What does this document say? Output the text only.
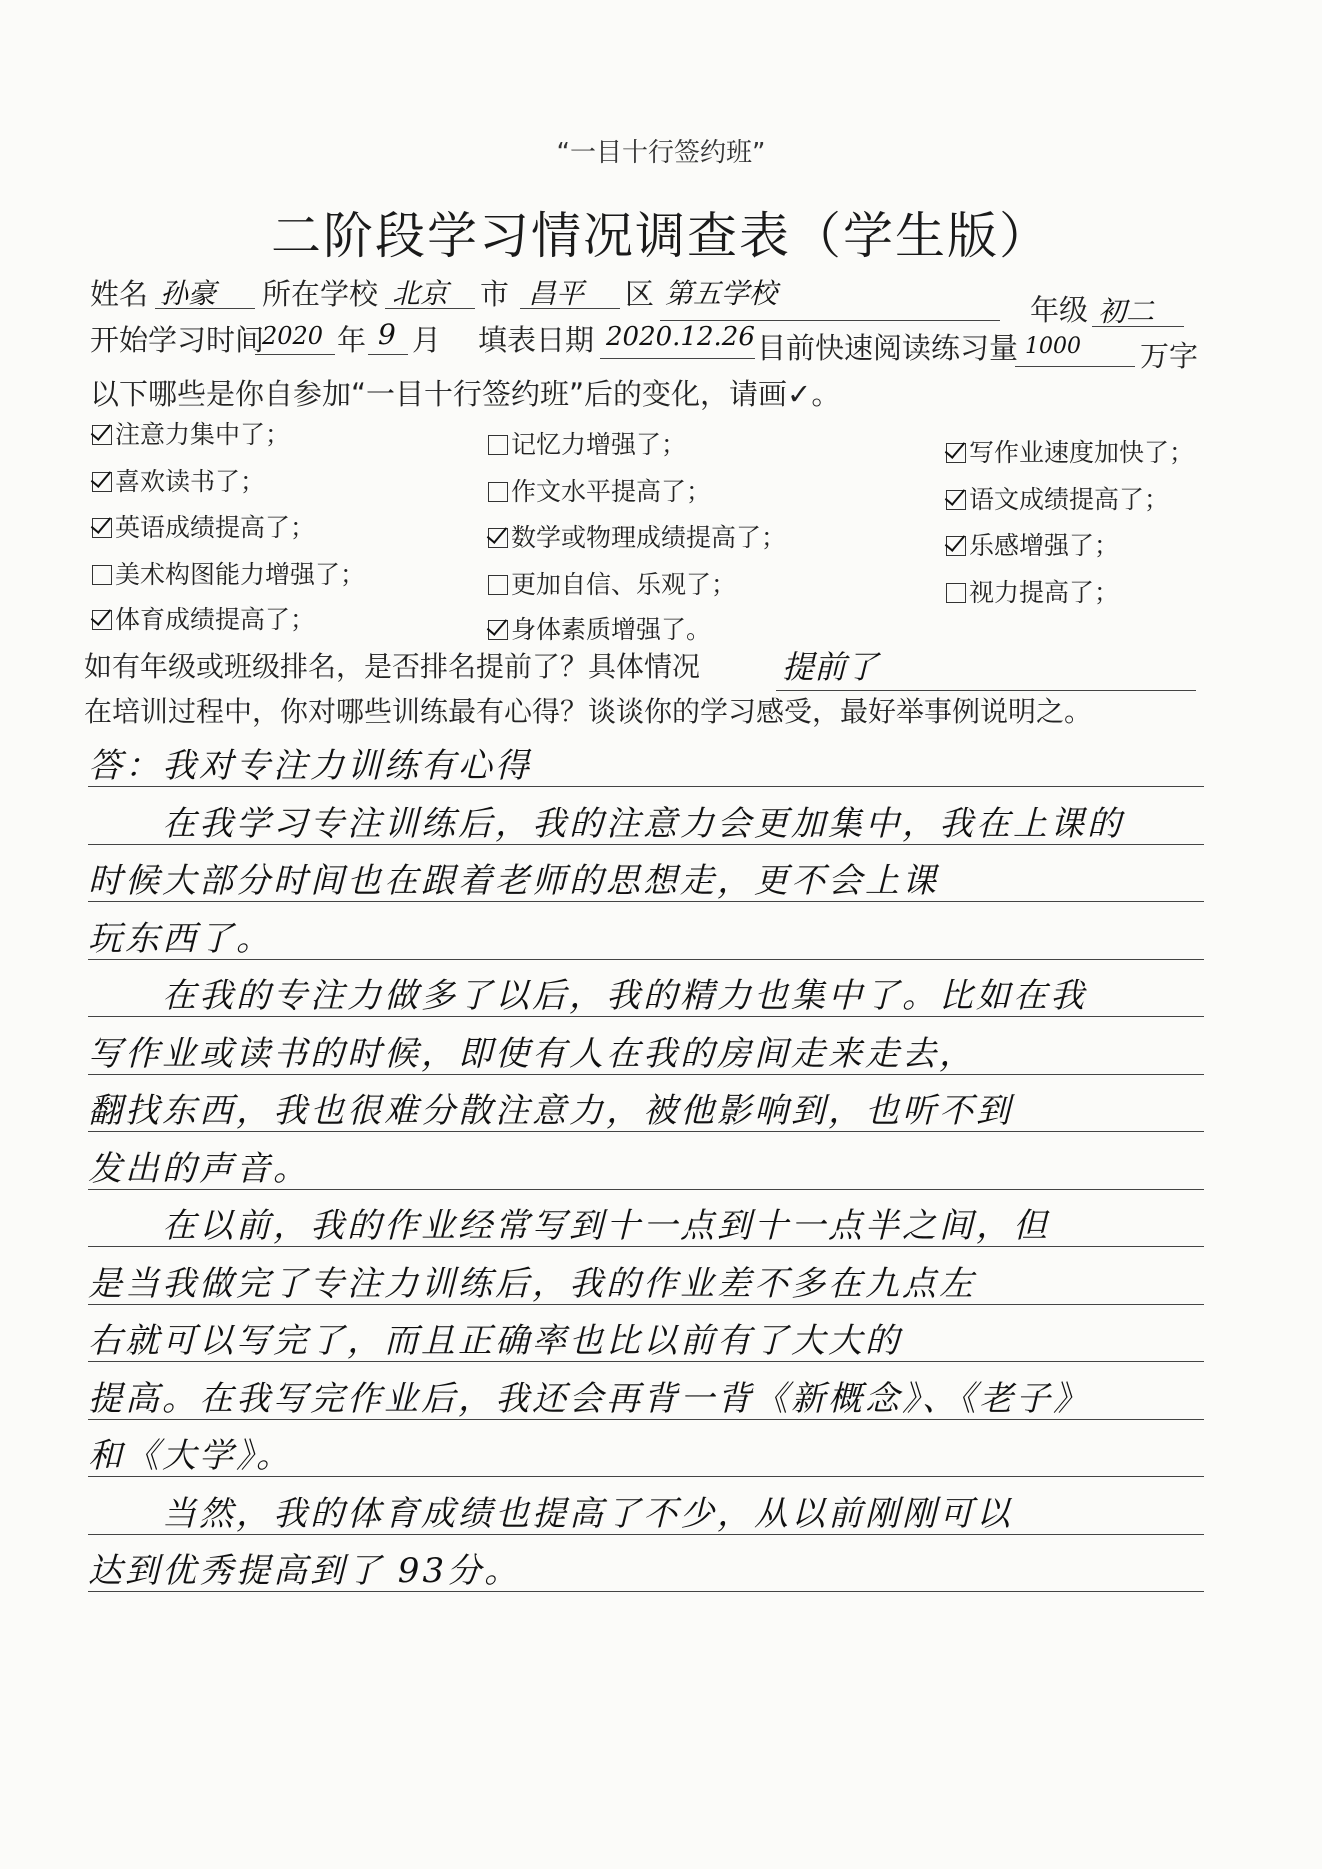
“一目十行签约班”
二阶段学习情况调查表（学生版）
姓名 孙豪 所在学校 北京 市 昌平 区 第五学校	年级 初二
开始学习时间
2020 年 9 月 填表日期 2020.12.26 目前快速阅读练习量 1000 万字
以下哪些是你自参加“一目十行签约班”后的变化，请画✓。
注意力集中了；	记忆力增强了；	写作业速度加快了；
喜欢读书了；	作文水平提高了；	语文成绩提高了；
英语成绩提高了；	数学或物理成绩提高了；	乐感增强了；
美术构图能力增强了；	更加自信、乐观了；	视力提高了；
体育成绩提高了；	身体素质增强了。
如有年级或班级排名，是否排名提前了？具体情况	提前了
在培训过程中，你对哪些训练最有心得？谈谈你的学习感受，最好举事例说明之。
答：我对专注力训练有心得
　　在我学习专注训练后，我的注意力会更加集中，我在上课的
时候大部分时间也在跟着老师的思想走，更不会上课
玩东西了。
　　在我的专注力做多了以后，我的精力也集中了。比如在我
写作业或读书的时候，即使有人在我的房间走来走去，
翻找东西，我也很难分散注意力，被他影响到，也听不到
发出的声音。
　　在以前，我的作业经常写到十一点到十一点半之间，但
是当我做完了专注力训练后，我的作业差不多在九点左
右就可以写完了，而且正确率也比以前有了大大的
提高。在我写完作业后，我还会再背一背《新概念》、《老子》
和《大学》。
　　当然，我的体育成绩也提高了不少，从以前刚刚可以
达到优秀提高到了 93分。
